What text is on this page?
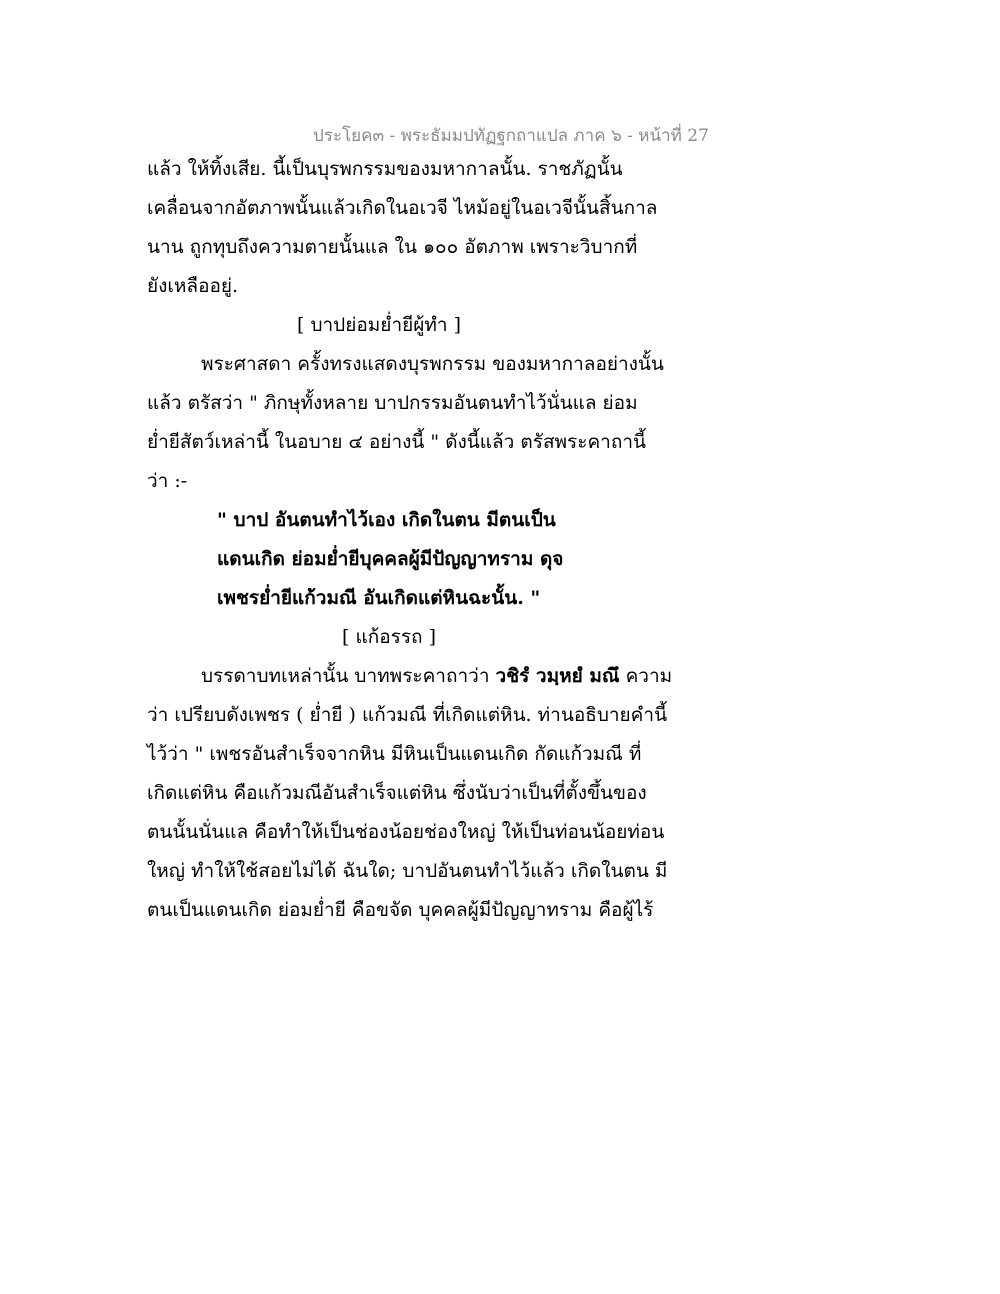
ประโยค๓ - พระธัมมปทัฏฐกถาแปล ภาค ๖ - หน้าที่ 27
แล้ว ให้ทิ้งเสีย. นี้เป็นบุรพกรรมของมหากาลนั้น. ราชภัฏนั้น
เคลื่อนจากอัตภาพนั้นแล้วเกิดในอเวจี ไหม้อยู่ในอเวจีนั้นสิ้นกาล
นาน ถูกทุบถึงความตายนั้นแล ใน ๑๐๐ อัตภาพ เพราะวิบากที่
ยังเหลืออยู่.
[ บาปย่อมย่ำยีผู้ทำ ]
พระศาสดา ครั้งทรงแสดงบุรพกรรม ของมหากาลอย่างนั้น
แล้ว ตรัสว่า " ภิกษุทั้งหลาย บาปกรรมอันตนทำไว้นั่นแล ย่อม
ย่ำยีสัตว์เหล่านี้ ในอบาย ๔ อย่างนี้ " ดังนี้แล้ว ตรัสพระคาถานี้
ว่า :-
" บาป อันตนทำไว้เอง เกิดในตน มีตนเป็น
แดนเกิด ย่อมย่ำยีบุคคลผู้มีปัญญาทราม ดุจ
เพชรย่ำยีแก้วมณี อันเกิดแต่หินฉะนั้น. "
[ แก้อรรถ ]
บรรดาบทเหล่านั้น บาทพระคาถาว่า วชิรํ วมฺหยํ มณึ ความ
ว่า เปรียบดังเพชร ( ย่ำยี ) แก้วมณี ที่เกิดแต่หิน. ท่านอธิบายคำนี้
ไว้ว่า " เพชรอันสำเร็จจากหิน มีหินเป็นแดนเกิด กัดแก้วมณี ที่
เกิดแต่หิน คือแก้วมณีอันสำเร็จแต่หิน ซึ่งนับว่าเป็นที่ตั้งขึ้นของ
ตนนั้นนั่นแล คือทำให้เป็นช่องน้อยช่องใหญ่ ให้เป็นท่อนน้อยท่อน
ใหญ่ ทำให้ใช้สอยไม่ได้ ฉันใด; บาปอันตนทำไว้แล้ว เกิดในตน มี
ตนเป็นแดนเกิด ย่อมย่ำยี คือขจัด บุคคลผู้มีปัญญาทราม คือผู้ไร้
